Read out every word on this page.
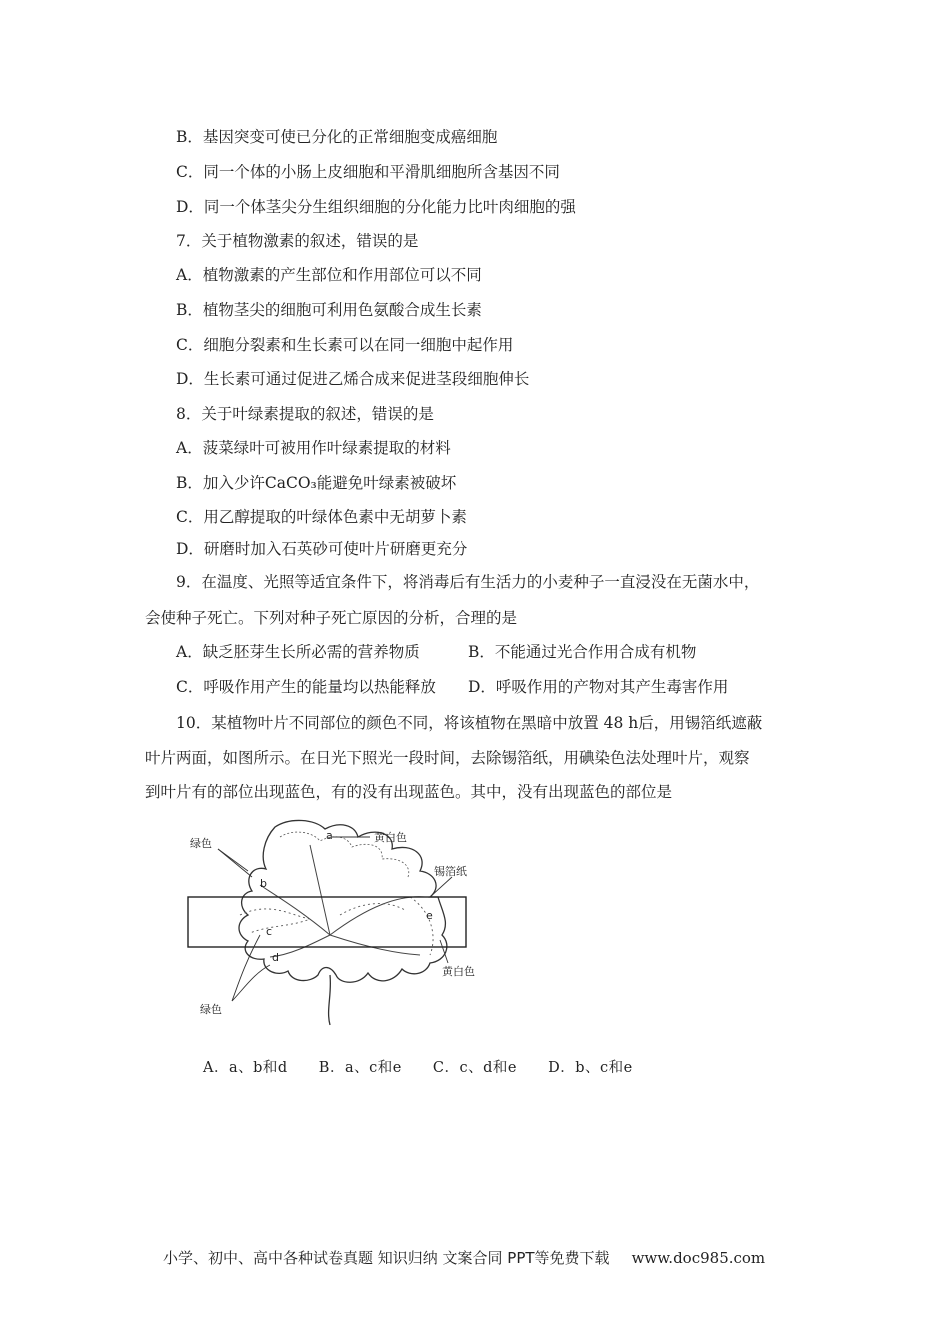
B．基因突变可使已分化的正常细胞变成癌细胞
C．同一个体的小肠上皮细胞和平滑肌细胞所含基因不同
D．同一个体茎尖分生组织细胞的分化能力比叶肉细胞的强
7．关于植物激素的叙述，错误的是
A．植物激素的产生部位和作用部位可以不同
B．植物茎尖的细胞可利用色氨酸合成生长素
C．细胞分裂素和生长素可以在同一细胞中起作用
D．生长素可通过促进乙烯合成来促进茎段细胞伸长
8．关于叶绿素提取的叙述，错误的是
A．菠菜绿叶可被用作叶绿素提取的材料
B．加入少许CaCO₃能避免叶绿素被破坏
C．用乙醇提取的叶绿体色素中无胡萝卜素
D．研磨时加入石英砂可使叶片研磨更充分
9．在温度、光照等适宜条件下，将消毒后有生活力的小麦种子一直浸没在无菌水中，
会使种子死亡。下列对种子死亡原因的分析，合理的是
A．缺乏胚芽生长所必需的营养物质	B．不能通过光合作用合成有机物
C．呼吸作用产生的能量均以热能释放 D．呼吸作用的产物对其产生毒害作用
10．某植物叶片不同部位的颜色不同，将该植物在黑暗中放置 48 h后，用锡箔纸遮蔽
叶片两面，如图所示。在日光下照光一段时间，去除锡箔纸，用碘染色法处理叶片，观察
到叶片有的部位出现蓝色，有的没有出现蓝色。其中，没有出现蓝色的部位是
绿色	黄白色
锡箔纸
黄白色
绿色
a
b
c
d
e
A．a、b和d B．a、c和e C．c、d和e D．b、c和e
小学、初中、高中各种试卷真题 知识归纳 文案合同 PPT等免费下载 www.doc985.com
